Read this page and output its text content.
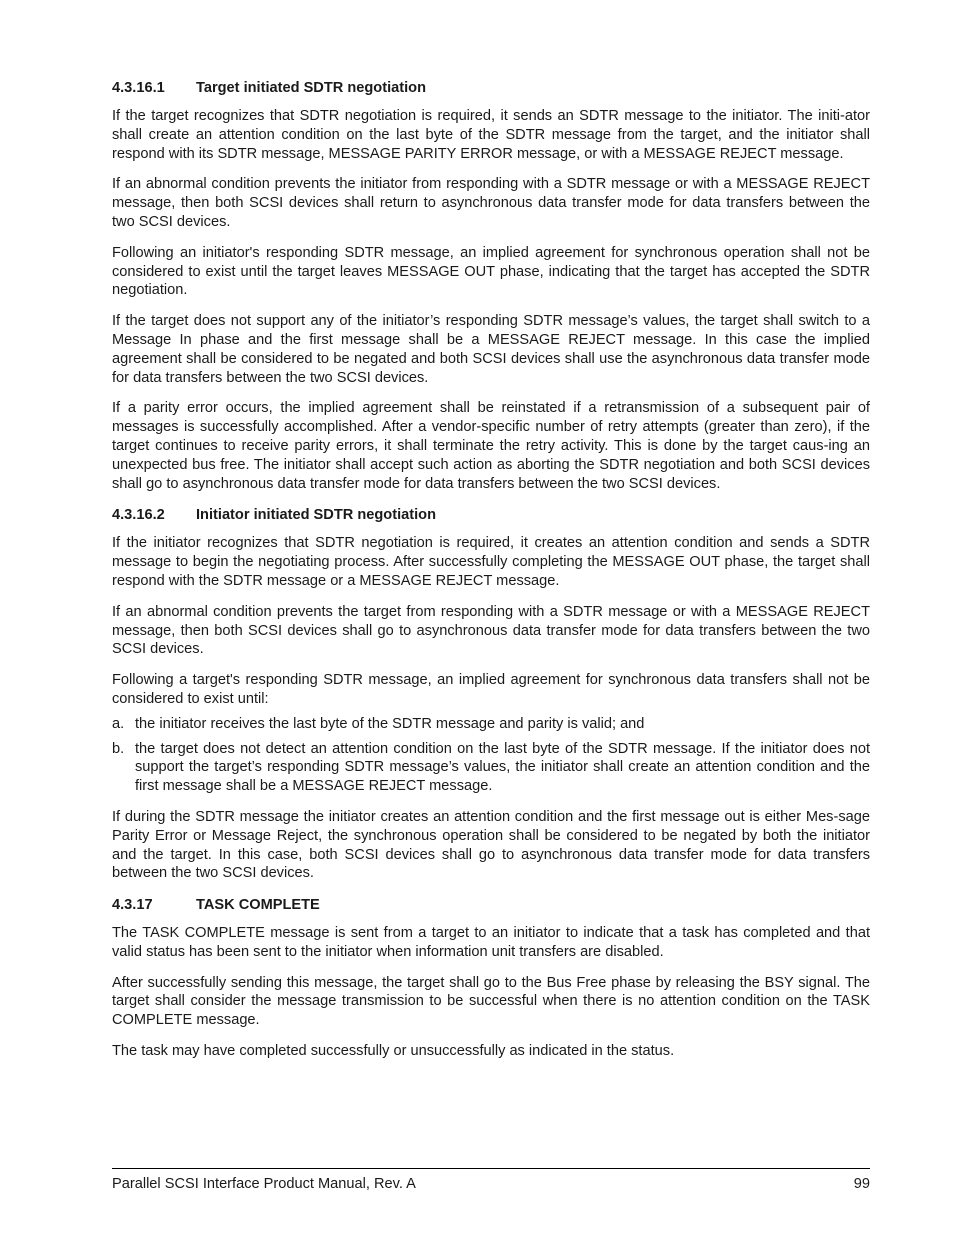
4.3.16.1 Target initiated SDTR negotiation

If the target recognizes that SDTR negotiation is required, it sends an SDTR message to the initiator. The initi-ator shall create an attention condition on the last byte of the SDTR message from the target, and the initiator shall respond with its SDTR message, MESSAGE PARITY ERROR message, or with a MESSAGE REJECT message.

If an abnormal condition prevents the initiator from responding with a SDTR message or with a MESSAGE REJECT message, then both SCSI devices shall return to asynchronous data transfer mode for data transfers between the two SCSI devices.

Following an initiator's responding SDTR message, an implied agreement for synchronous operation shall not be considered to exist until the target leaves MESSAGE OUT phase, indicating that the target has accepted the SDTR negotiation.

If the target does not support any of the initiator’s responding SDTR message’s values, the target shall switch to a Message In phase and the first message shall be a MESSAGE REJECT message. In this case the implied agreement shall be considered to be negated and both SCSI devices shall use the asynchronous data transfer mode for data transfers between the two SCSI devices.

If a parity error occurs, the implied agreement shall be reinstated if a retransmission of a subsequent pair of messages is successfully accomplished. After a vendor-specific number of retry attempts (greater than zero), if the target continues to receive parity errors, it shall terminate the retry activity. This is done by the target caus-ing an unexpected bus free. The initiator shall accept such action as aborting the SDTR negotiation and both SCSI devices shall go to asynchronous data transfer mode for data transfers between the two SCSI devices.

4.3.16.2 Initiator initiated SDTR negotiation

If the initiator recognizes that SDTR negotiation is required, it creates an attention condition and sends a SDTR message to begin the negotiating process. After successfully completing the MESSAGE OUT phase, the target shall respond with the SDTR message or a MESSAGE REJECT message.

If an abnormal condition prevents the target from responding with a SDTR message or with a MESSAGE REJECT message, then both SCSI devices shall go to asynchronous data transfer mode for data transfers between the two SCSI devices.

Following a target's responding SDTR message, an implied agreement for synchronous data transfers shall not be considered to exist until:

a. the initiator receives the last byte of the SDTR message and parity is valid; and
b. the target does not detect an attention condition on the last byte of the SDTR message. If the initiator does not support the target’s responding SDTR message’s values, the initiator shall create an attention condition and the first message shall be a MESSAGE REJECT message.

If during the SDTR message the initiator creates an attention condition and the first message out is either Mes-sage Parity Error or Message Reject, the synchronous operation shall be considered to be negated by both the initiator and the target. In this case, both SCSI devices shall go to asynchronous data transfer mode for data transfers between the two SCSI devices.

4.3.17	TASK COMPLETE

The TASK COMPLETE message is sent from a target to an initiator to indicate that a task has completed and that valid status has been sent to the initiator when information unit transfers are disabled.

After successfully sending this message, the target shall go to the Bus Free phase by releasing the BSY signal. The target shall consider the message transmission to be successful when there is no attention condition on the TASK COMPLETE message.

The task may have completed successfully or unsuccessfully as indicated in the status.

Parallel SCSI Interface Product Manual, Rev. A	99
